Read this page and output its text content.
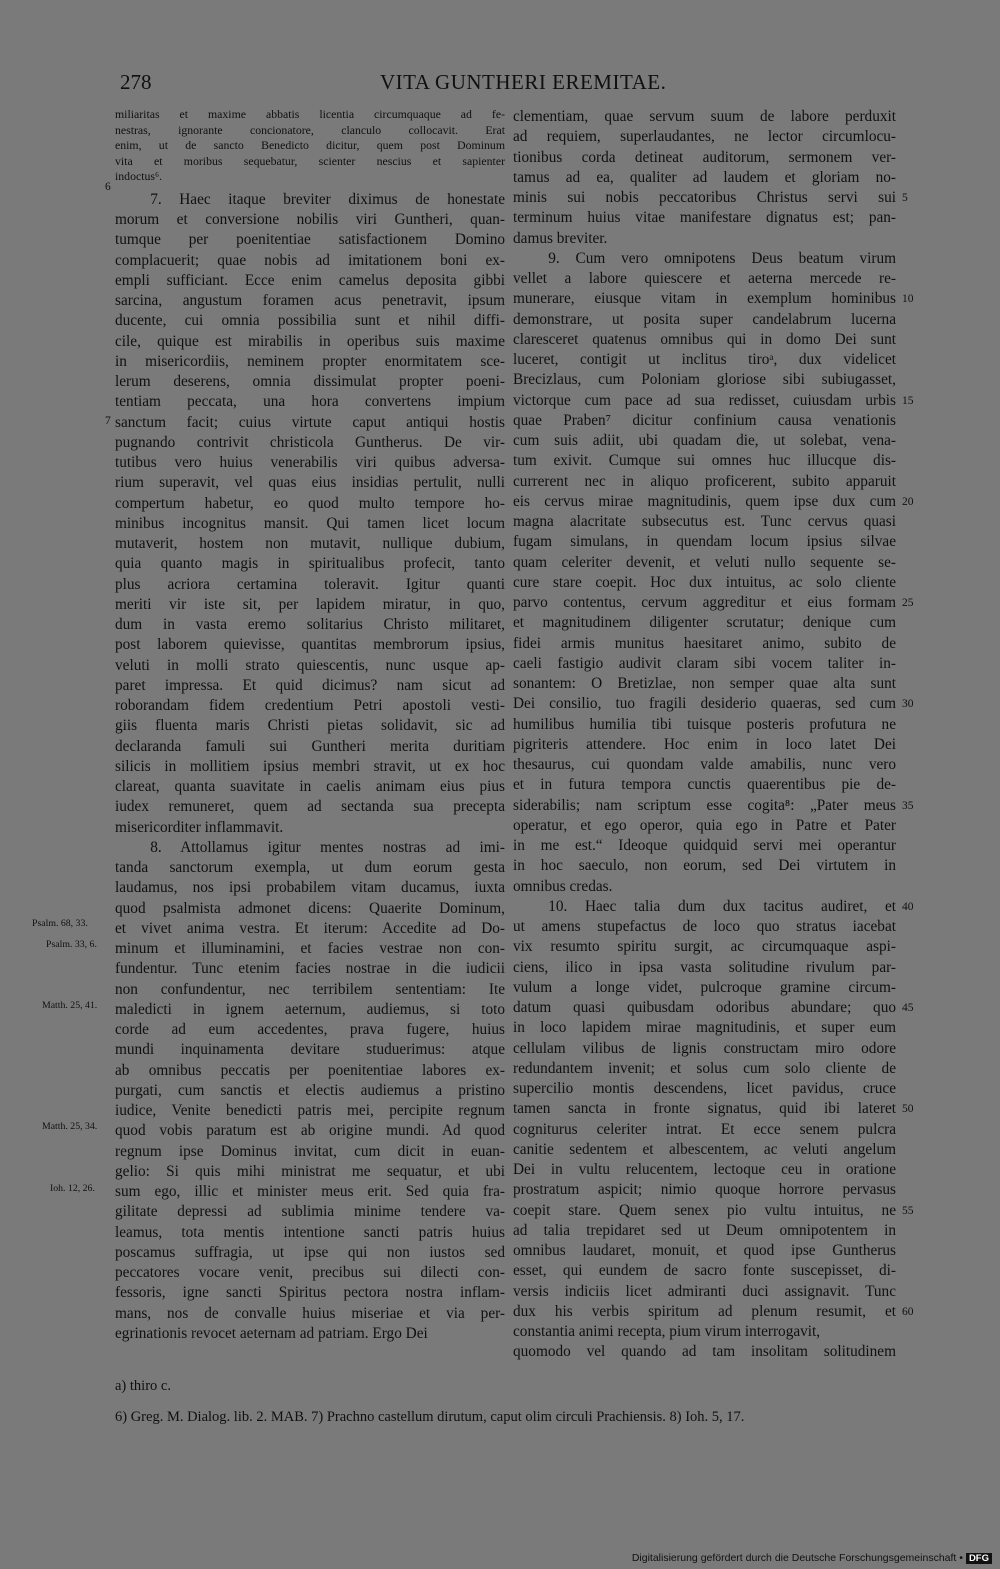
278	VITA GUNTHERI EREMITAE.

miliaritas et maxime abbatis licentia circumquaque ad fe-
nestras, ignorante concionatore, clanculo collocavit. Erat
enim, ut de sancto Benedicto dicitur, quem post Dominum
vita et moribus sequebatur, scienter nescius et sapienter
indoctus⁶.

7. Haec itaque breviter diximus de honestate
morum et conversione nobilis viri Guntheri, quan-
tumque per poenitentiae satisfactionem Domino
complacuerit; quae nobis ad imitationem boni ex-
empli sufficiant. Ecce enim camelus deposita gibbi
sarcina, angustum foramen acus penetravit, ipsum
ducente, cui omnia possibilia sunt et nihil diffi-
cile, quique est mirabilis in operibus suis maxime
in misericordiis, neminem propter enormitatem sce-
lerum deserens, omnia dissimulat propter poeni-
tentiam peccata, una hora convertens impium
sanctum facit; cuius virtute caput antiqui hostis
pugnando contrivit christicola Guntherus. De vir-
tutibus vero huius venerabilis viri quibus adversa-
rium superavit, vel quas eius insidias pertulit, nulli
compertum habetur, eo quod multo tempore ho-
minibus incognitus mansit. Qui tamen licet locum
mutaverit, hostem non mutavit, nullique dubium,
quia quanto magis in spiritualibus profecit, tanto
plus acriora certamina toleravit. Igitur quanti
meriti vir iste sit, per lapidem miratur, in quo,
dum in vasta eremo solitarius Christo militaret,
post laborem quievisse, quantitas membrorum ipsius,
veluti in molli strato quiescentis, nunc usque ap-
paret impressa. Et quid dicimus? nam sicut ad
roborandam fidem credentium Petri apostoli vesti-
giis fluenta maris Christi pietas solidavit, sic ad
declaranda famuli sui Guntheri merita duritiam
silicis in mollitiem ipsius membri stravit, ut ex hoc
clareat, quanta suavitate in caelis animam eius pius
iudex remuneret, quem ad sectanda sua precepta
misericorditer inflammavit.
8. Attollamus igitur mentes nostras ad imi-
tanda sanctorum exempla, ut dum eorum gesta
laudamus, nos ipsi probabilem vitam ducamus, iuxta
quod psalmista admonet dicens: Quaerite Dominum,
et vivet anima vestra. Et iterum: Accedite ad Do-
minum et illuminamini, et facies vestrae non con-
fundentur. Tunc etenim facies nostrae in die iudicii
non confundentur, nec terribilem sententiam: Ite
maledicti in ignem aeternum, audiemus, si toto
corde ad eum accedentes, prava fugere, huius
mundi inquinamenta devitare studuerimus: atque
ab omnibus peccatis per poenitentiae labores ex-
purgati, cum sanctis et electis audiemus a pristino
iudice, Venite benedicti patris mei, percipite regnum
quod vobis paratum est ab origine mundi. Ad quod
regnum ipse Dominus invitat, cum dicit in euan-
gelio: Si quis mihi ministrat me sequatur, et ubi
sum ego, illic et minister meus erit. Sed quia fra-
gilitate depressi ad sublimia minime tendere va-
leamus, tota mentis intentione sancti patris huius
poscamus suffragia, ut ipse qui non iustos sed
peccatores vocare venit, precibus sui dilecti con-
fessoris, igne sancti Spiritus pectora nostra inflam-
mans, nos de convalle huius miseriae et via per-
egrinationis revocet aeternam ad patriam. Ergo Dei
clementiam, quae servum suum de labore perduxit
ad requiem, superlaudantes, ne lector circumlocu-
tionibus corda detineat auditorum, sermonem ver-
tamus ad ea, qualiter ad laudem et gloriam no-
minis sui nobis peccatoribus Christus servi sui
terminum huius vitae manifestare dignatus est; pan-
damus breviter.
9. Cum vero omnipotens Deus beatum virum
vellet a labore quiescere et aeterna mercede re-
munerare, eiusque vitam in exemplum hominibus
demonstrare, ut posita super candelabrum lucerna
claresceret quatenus omnibus qui in domo Dei sunt
luceret, contigit ut inclitus tiroᵃ, dux videlicet
Brecizlaus, cum Poloniam gloriose sibi subiugasset,
victorque cum pace ad sua redisset, cuiusdam urbis
quae Praben⁷ dicitur confinium causa venationis
cum suis adiit, ubi quadam die, ut solebat, vena-
tum exivit. Cumque sui omnes huc illucque dis-
currerent nec in aliquo proficerent, subito apparuit
eis cervus mirae magnitudinis, quem ipse dux cum
magna alacritate subsecutus est. Tunc cervus quasi
fugam simulans, in quendam locum ipsius silvae
quam celeriter devenit, et veluti nullo sequente se-
cure stare coepit. Hoc dux intuitus, ac solo cliente
parvo contentus, cervum aggreditur et eius formam
et magnitudinem diligenter scrutatur; denique cum
fidei armis munitus haesitaret animo, subito de
caeli fastigio audivit claram sibi vocem taliter in-
sonantem: O Bretizlae, non semper quae alta sunt
Dei consilio, tuo fragili desiderio quaeras, sed cum
humilibus humilia tibi tuisque posteris profutura ne
pigriteris attendere. Hoc enim in loco latet Dei
thesaurus, cui quondam valde amabilis, nunc vero
et in futura tempora cunctis quaerentibus pie de-
siderabilis; nam scriptum esse cogita⁸: „Pater meus
operatur, et ego operor, quia ego in Patre et Pater
in me est.“ Ideoque quidquid servi mei operantur
in hoc saeculo, non eorum, sed Dei virtutem in
omnibus credas.
10. Haec talia dum dux tacitus audiret, et
ut amens stupefactus de loco quo stratus iacebat
vix resumto spiritu surgit, ac circumquaque aspi-
ciens, ilico in ipsa vasta solitudine rivulum par-
vulum a longe videt, pulcroque gramine circum-
datum quasi quibusdam odoribus abundare; quo
in loco lapidem mirae magnitudinis, et super eum
cellulam vilibus de lignis constructam miro odore
redundantem invenit; et solus cum solo cliente de
supercilio montis descendens, licet pavidus, cruce
tamen sancta in fronte signatus, quid ibi lateret
cogniturus celeriter intrat. Et ecce senem pulcra
canitie sedentem et albescentem, ac veluti angelum
Dei in vultu relucentem, lectoque ceu in oratione
prostratum aspicit; nimio quoque horrore pervasus
coepit stare. Quem senex pio vultu intuitus, ne
ad talia trepidaret sed ut Deum omnipotentem in
omnibus laudaret, monuit, et quod ipse Guntherus
esset, qui eundem de sacro fonte suscepisset, di-
versis indiciis licet admiranti duci assignavit. Tunc
dux his verbis spiritum ad plenum resumit, et
constantia animi recepta, pium virum interrogavit,
quomodo vel quando ad tam insolitam solitudinem
6
7
5
10
15
20
25
30
35
40
45
50
55
60
Psalm. 68, 33.
Psalm. 33, 6.
Matth. 25, 41.
Matth. 25, 34.
Ioh. 12, 26.
a) thiro c.
6) Greg. M. Dialog. lib. 2. MAB. 7) Prachno castellum dirutum, caput olim circuli Prachiensis. 8) Ioh. 5, 17.
Digitalisierung gefördert durch die Deutsche Forschungsgemeinschaft • DFG
